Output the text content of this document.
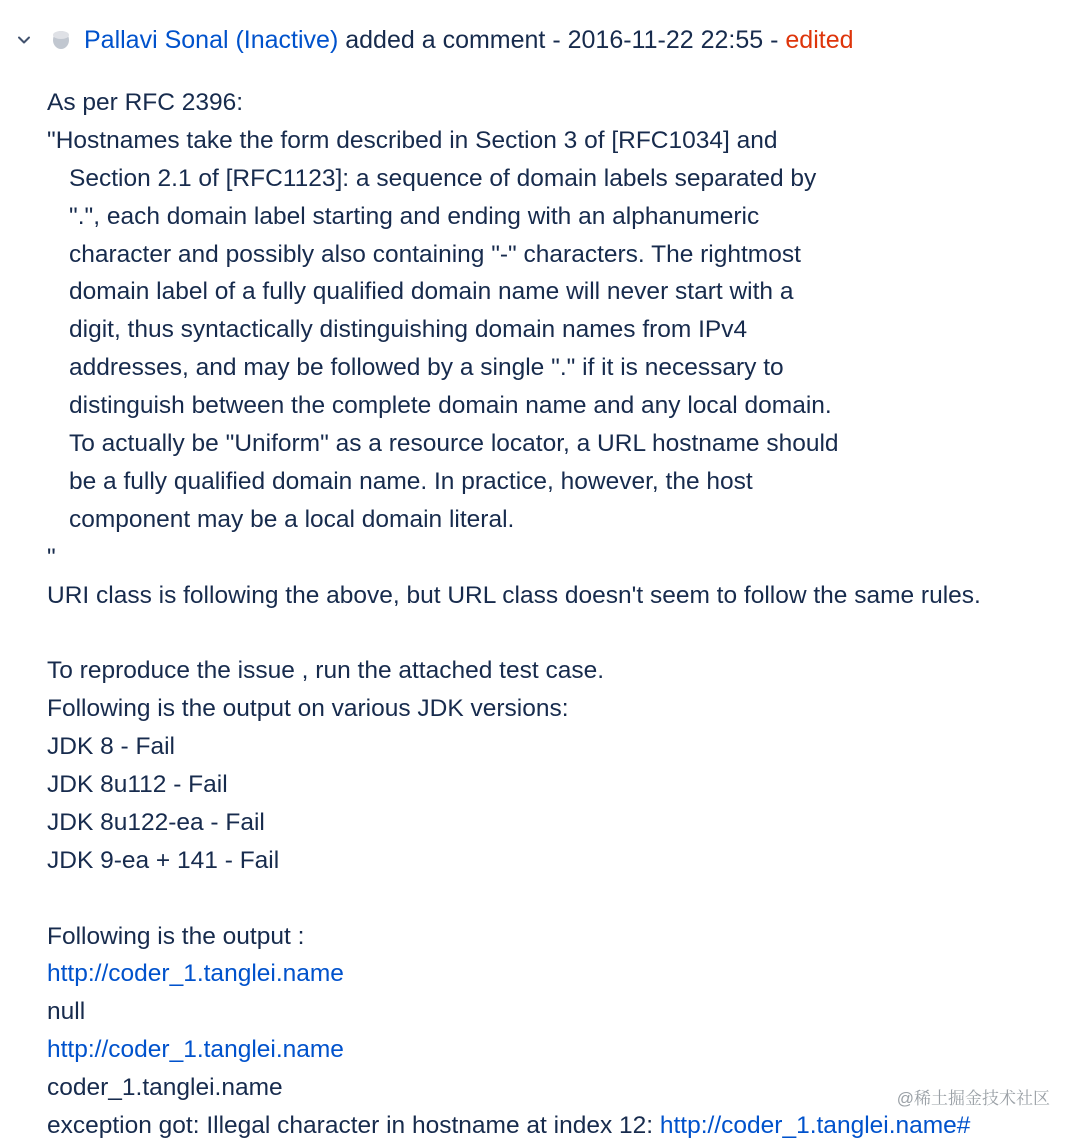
Pallavi Sonal (Inactive)
added a comment
-
2016-11-22 22:55
-
edited
As per RFC 2396:
"Hostnames take the form described in Section 3 of [RFC1034] and
Section 2.1 of [RFC1123]: a sequence of domain labels separated by
".", each domain label starting and ending with an alphanumeric
character and possibly also containing "-" characters. The rightmost
domain label of a fully qualified domain name will never start with a
digit, thus syntactically distinguishing domain names from IPv4
addresses, and may be followed by a single "." if it is necessary to
distinguish between the complete domain name and any local domain.
To actually be "Uniform" as a resource locator, a URL hostname should
be a fully qualified domain name. In practice, however, the host
component may be a local domain literal.
"
URI class is following the above, but URL class doesn't seem to follow the same rules.
To reproduce the issue , run the attached test case.
Following is the output on various JDK versions:
JDK 8 - Fail
JDK 8u112 - Fail
JDK 8u122-ea - Fail
JDK 9-ea + 141 - Fail
Following is the output :
http://coder_1.tanglei.name
null
http://coder_1.tanglei.name
coder_1.tanglei.name
exception got: Illegal character in hostname at index 12: http://coder_1.tanglei.name#
@稀土掘金技术社区
